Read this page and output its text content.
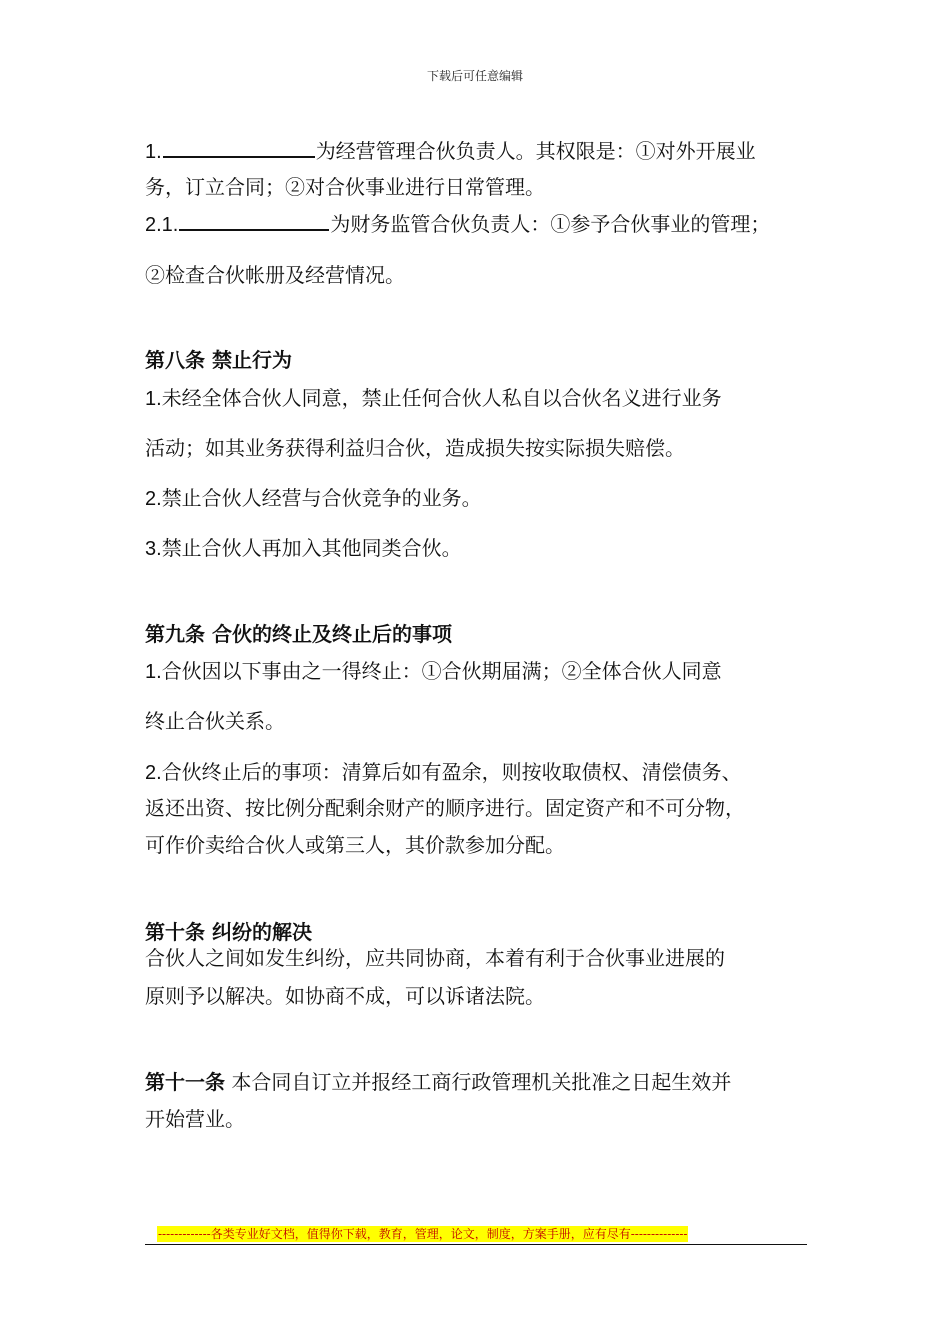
下载后可任意编辑
1.	为经营管理合伙负责人。其权限是：①对外开展业
务，订立合同；②对合伙事业进行日常管理。
2.1.	为财务监管合伙负责人：①参予合伙事业的管理；
②检查合伙帐册及经营情况。
第八条 禁止行为
1.未经全体合伙人同意，禁止任何合伙人私自以合伙名义进行业务
活动；如其业务获得利益归合伙，造成损失按实际损失赔偿。
2.禁止合伙人经营与合伙竞争的业务。
3.禁止合伙人再加入其他同类合伙。
第九条 合伙的终止及终止后的事项
1.合伙因以下事由之一得终止：①合伙期届满；②全体合伙人同意
终止合伙关系。
2.合伙终止后的事项：清算后如有盈余，则按收取债权、清偿债务、
返还出资、按比例分配剩余财产的顺序进行。固定资产和不可分物，
可作价卖给合伙人或第三人，其价款参加分配。
第十条 纠纷的解决
合伙人之间如发生纠纷，应共同协商，本着有利于合伙事业进展的
原则予以解决。如协商不成，可以诉诸法院。
第十一条 本合同自订立并报经工商行政管理机关批准之日起生效并
开始营业。
-------------各类专业好文档，值得你下载，教育，管理，论文，制度，方案手册，应有尽有--------------
